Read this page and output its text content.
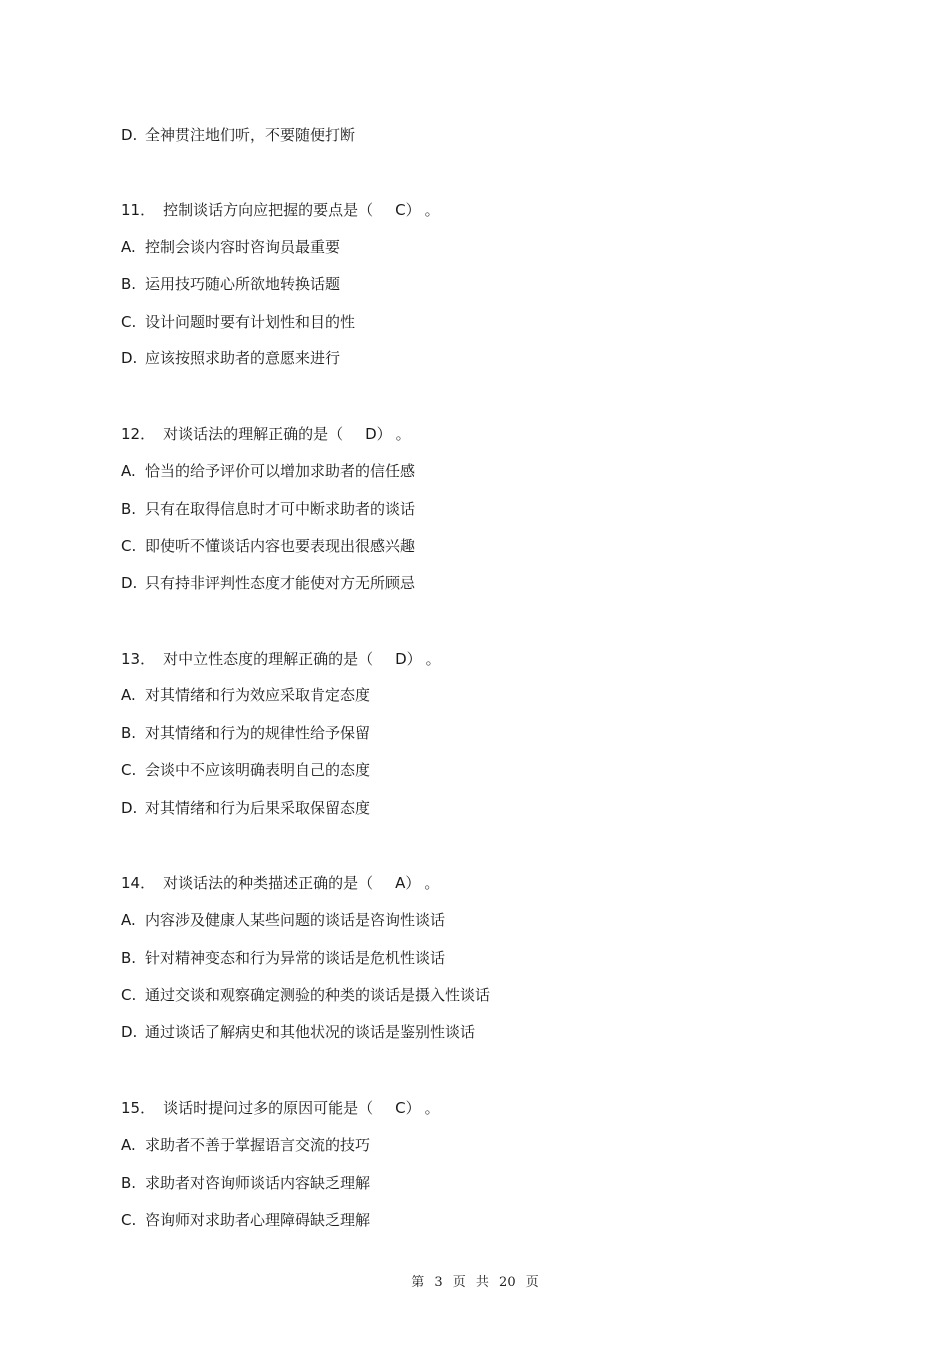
D. 全神贯注地们听，不要随便打断
11． 控制谈话方向应把握的要点是（ C） 。
A. 控制会谈内容时咨询员最重要
B. 运用技巧随心所欲地转换话题
C. 设计问题时要有计划性和目的性
D. 应该按照求助者的意愿来进行
12． 对谈话法的理解正确的是（ D） 。
A. 恰当的给予评价可以增加求助者的信任感
B. 只有在取得信息时才可中断求助者的谈话
C. 即使听不懂谈话内容也要表现出很感兴趣
D. 只有持非评判性态度才能使对方无所顾忌
13． 对中立性态度的理解正确的是（ D） 。
A. 对其情绪和行为效应采取肯定态度
B. 对其情绪和行为的规律性给予保留
C. 会谈中不应该明确表明自己的态度
D. 对其情绪和行为后果采取保留态度
14． 对谈话法的种类描述正确的是（ A） 。
A. 内容涉及健康人某些问题的谈话是咨询性谈话
B. 针对精神变态和行为异常的谈话是危机性谈话
C. 通过交谈和观察确定测验的种类的谈话是摄入性谈话
D. 通过谈话了解病史和其他状况的谈话是鉴别性谈话
15． 谈话时提问过多的原因可能是（ C） 。
A. 求助者不善于掌握语言交流的技巧
B. 求助者对咨询师谈话内容缺乏理解
C. 咨询师对求助者心理障碍缺乏理解
第 3 页 共 20 页
